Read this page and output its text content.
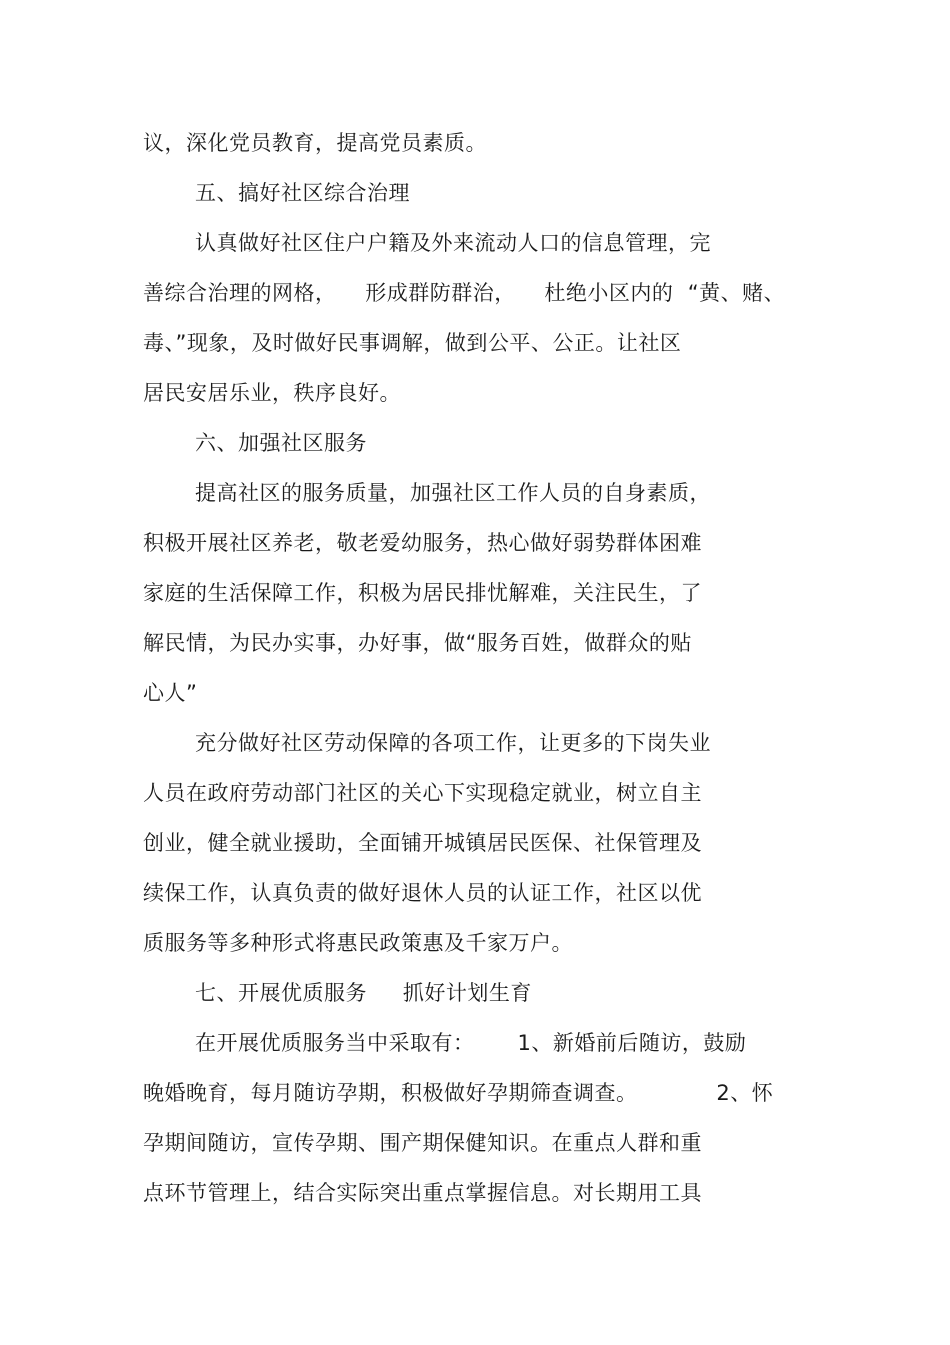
议，深化党员教育，提高党员素质。
五、搞好社区综合治理
认真做好社区住户户籍及外来流动人口的信息管理，完
善综合治理的网格，    形成群防群治，    杜绝小区内的  “黄、赌、
毒、”现象，及时做好民事调解，做到公平、公正。让社区
居民安居乐业，秩序良好。
六、加强社区服务
提高社区的服务质量，加强社区工作人员的自身素质，
积极开展社区养老，敬老爱幼服务，热心做好弱势群体困难
家庭的生活保障工作，积极为居民排忧解难，关注民生，了
解民情，为民办实事，办好事，做“服务百姓，做群众的贴
心人”
充分做好社区劳动保障的各项工作，让更多的下岗失业
人员在政府劳动部门社区的关心下实现稳定就业，树立自主
创业，健全就业援助，全面铺开城镇居民医保、社保管理及
续保工作，认真负责的做好退休人员的认证工作，社区以优
质服务等多种形式将惠民政策惠及千家万户。
七、开展优质服务     抓好计划生育
在开展优质服务当中采取有：      1、新婚前后随访，鼓励
晚婚晚育，每月随访孕期，积极做好孕期筛查调查。           2、怀
孕期间随访，宣传孕期、围产期保健知识。在重点人群和重
点环节管理上，结合实际突出重点掌握信息。对长期用工具
